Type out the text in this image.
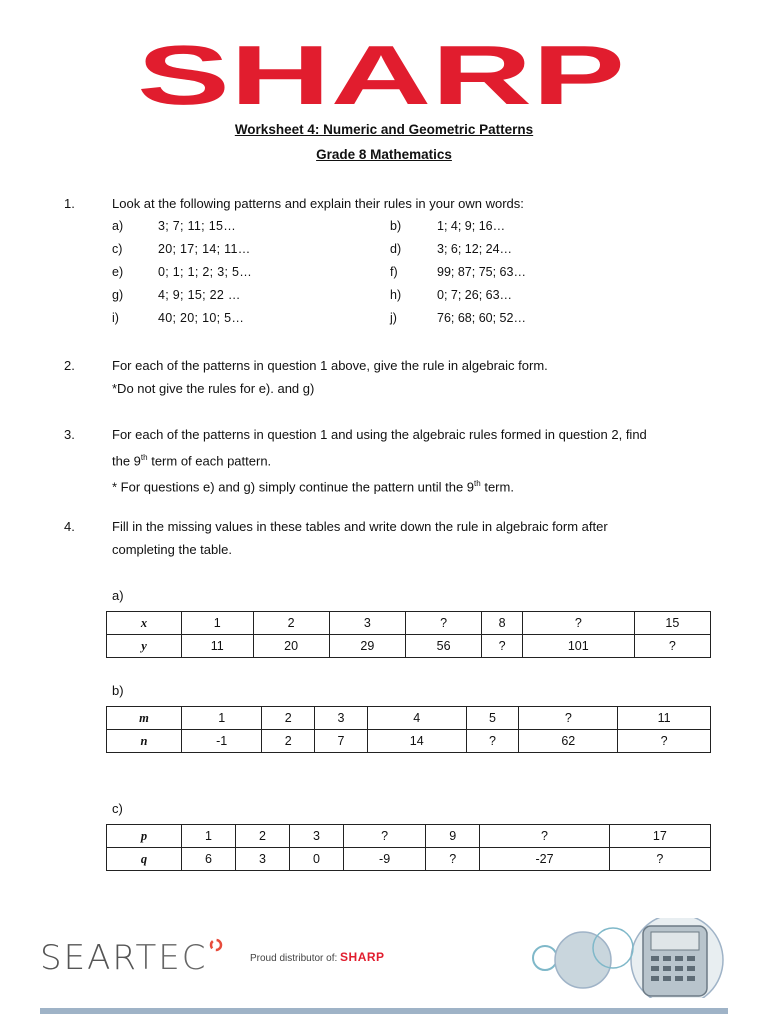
SHARP
Worksheet 4: Numeric and Geometric Patterns
Grade 8 Mathematics
1.	Look at the following patterns and explain their rules in your own words:
a)	3; 7; 11; 15…	b)	1; 4; 9; 16…
c)	20; 17; 14; 11…	d)	3; 6; 12; 24…
e)	0; 1; 1; 2; 3; 5…	f)	99; 87; 75; 63…
g)	4; 9; 15; 22 …	h)	0; 7; 26; 63…
i)	40; 20; 10; 5…	j)	76; 68; 60; 52…
2.	For each of the patterns in question 1 above, give the rule in algebraic form.
*Do not give the rules for e). and g)
3.	For each of the patterns in question 1 and using the algebraic rules formed in question 2, find
the 9th term of each pattern.
* For questions e) and g) simply continue the pattern until the 9th term.
4.	Fill in the missing values in these tables and write down the rule in algebraic form after
completing the table.
a)
x	1	2	3	?	8	?	15
y	11	20	29	56	?	101	?
b)
m	1	2	3	4	5	?	11
n	-1	2	7	14	?	62	?
c)
p	1	2	3	?	9	?	17
q	6	3	0	-9	?	-27	?
SEARTEC	Proud distributor of: SHARP
